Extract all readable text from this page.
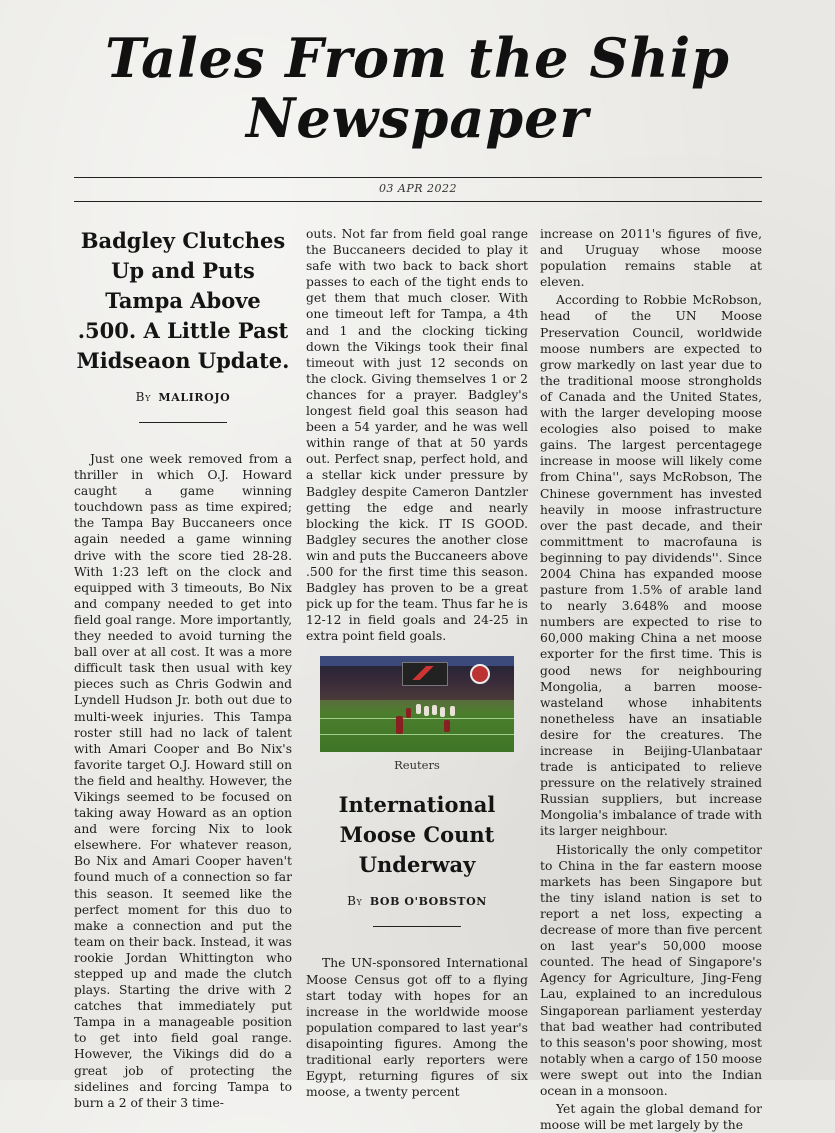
Tales From the Ship
Newspaper
03 APR 2022
Badgley Clutches Up and Puts Tampa Above .500. A Little Past Midseaon Update.
By MALIROJO

Just one week removed from a thriller in which O.J. Howard caught a game winning touchdown pass as time expired; the Tampa Bay Buccaneers once again needed a game winning drive with the score tied 28-28. With 1:23 left on the clock and equipped with 3 timeouts, Bo Nix and company needed to get into field goal range. More importantly, they needed to avoid turning the ball over at all cost. It was a more difficult task then usual with key pieces such as Chris Godwin and Lyndell Hudson Jr. both out due to multi-week injuries. This Tampa roster still had no lack of talent with Amari Cooper and Bo Nix's favorite target O.J. Howard still on the field and healthy. However, the Vikings seemed to be focused on taking away Howard as an option and were forcing Nix to look elsewhere. For whatever reason, Bo Nix and Amari Cooper haven't found much of a connection so far this season. It seemed like the perfect moment for this duo to make a connection and put the team on their back. Instead, it was rookie Jordan Whittington who stepped up and made the clutch plays. Starting the drive with 2 catches that immediately put Tampa in a manageable position to get into field goal range. However, the Vikings did do a great job of protecting the sidelines and forcing Tampa to burn a 2 of their 3 time-

outs. Not far from field goal range the Buccaneers decided to play it safe with two back to back short passes to each of the tight ends to get them that much closer. With one timeout left for Tampa, a 4th and 1 and the clocking ticking down the Vikings took their final timeout with just 12 seconds on the clock. Giving themselves 1 or 2 chances for a prayer. Badgley's longest field goal this season had been a 54 yarder, and he was well within range of that at 50 yards out. Perfect snap, perfect hold, and a stellar kick under pressure by Badgley despite Cameron Dantzler getting the edge and nearly blocking the kick. IT IS GOOD. Badgley secures the another close win and puts the Buccaneers above .500 for the first time this season. Badgley has proven to be a great pick up for the team. Thus far he is 12-12 in field goals and 24-25 in extra point field goals.

Reuters

International Moose Count Underway
By BOB O'BOBSTON

The UN-sponsored International Moose Census got off to a flying start today with hopes for an increase in the worldwide moose population compared to last year's disapointing figures. Among the traditional early reporters were Egypt, returning figures of six moose, a twenty percent

increase on 2011's figures of five, and Uruguay whose moose population remains stable at eleven.

According to Robbie McRobson, head of the UN Moose Preservation Council, worldwide moose numbers are expected to grow markedly on last year due to the traditional moose strongholds of Canada and the United States, with the larger developing moose ecologies also poised to make gains. The largest percentagege increase in moose will likely come from China'', says McRobson, The Chinese government has invested heavily in moose infrastructure over the past decade, and their committment to macrofauna is beginning to pay dividends''. Since 2004 China has expanded moose pasture from 1.5% of arable land to nearly 3.648% and moose numbers are expected to rise to 60,000 making China a net moose exporter for the first time. This is good news for neighbouring Mongolia, a barren moose-wasteland whose inhabitents nonetheless have an insatiable desire for the creatures. The increase in Beijing-Ulanbataar trade is anticipated to relieve pressure on the relatively strained Russian suppliers, but increase Mongolia's imbalance of trade with its larger neighbour.

Historically the only competitor to China in the far eastern moose markets has been Singapore but the tiny island nation is set to report a net loss, expecting a decrease of more than five percent on last year's 50,000 moose counted. The head of Singapore's Agency for Agriculture, Jing-Feng Lau, explained to an incredulous Singaporean parliament yesterday that bad weather had contributed to this season's poor showing, most notably when a cargo of 150 moose were swept out into the Indian ocean in a monsoon.

Yet again the global demand for moose will be met largely by the
